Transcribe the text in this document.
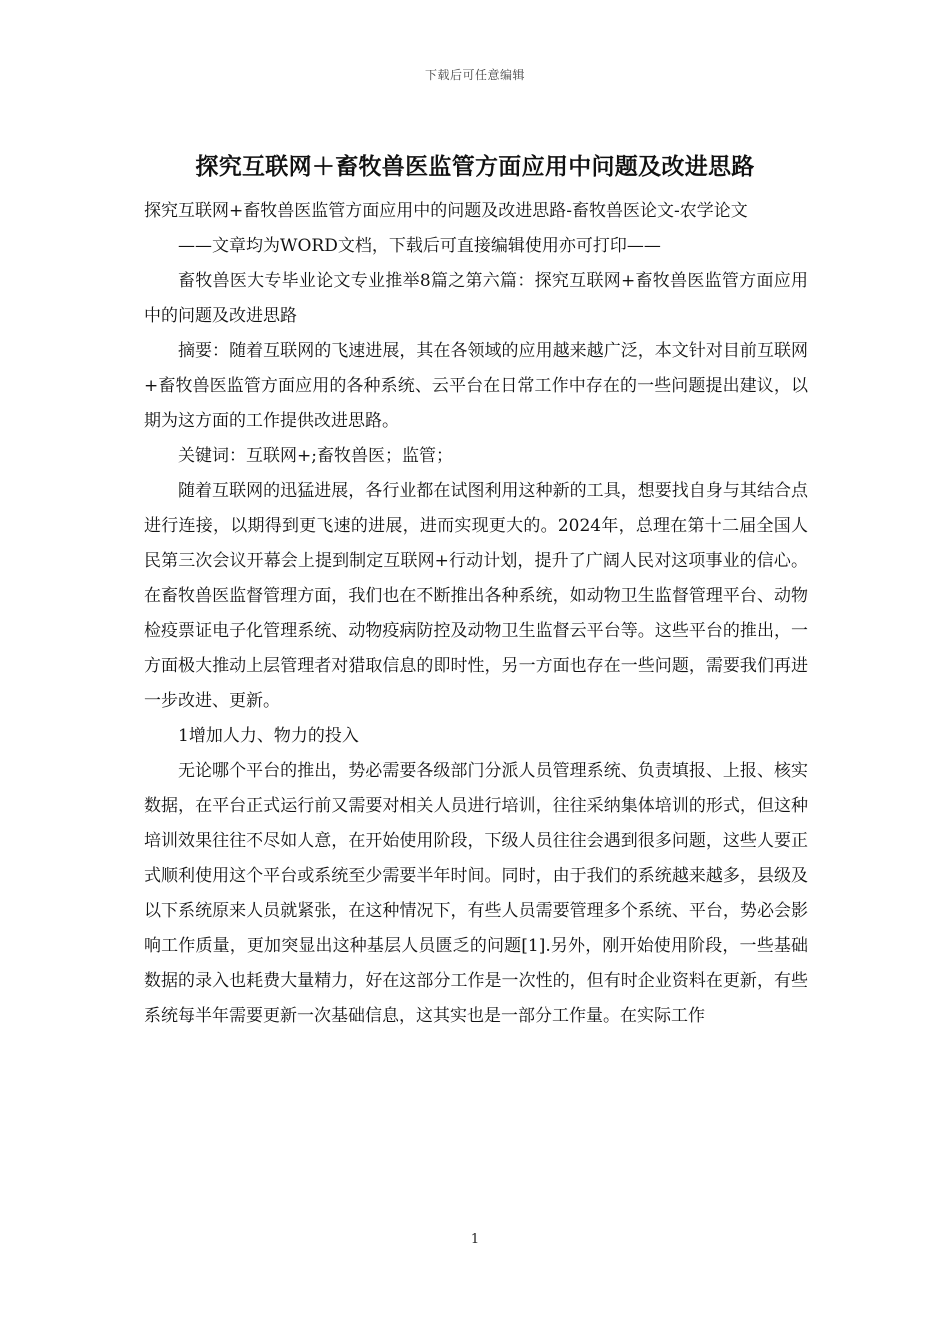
下载后可任意编辑
探究互联网＋畜牧兽医监管方面应用中问题及改进思路

探究互联网+畜牧兽医监管方面应用中的问题及改进思路-畜牧兽医论文-农学论文

——文章均为WORD文档，下载后可直接编辑使用亦可打印——

畜牧兽医大专毕业论文专业推举8篇之第六篇：探究互联网+畜牧兽医监管方面应用中的问题及改进思路

摘要：随着互联网的飞速进展，其在各领域的应用越来越广泛，本文针对目前互联网+畜牧兽医监管方面应用的各种系统、云平台在日常工作中存在的一些问题提出建议，以期为这方面的工作提供改进思路。

关键词：互联网+;畜牧兽医；监管；

随着互联网的迅猛进展，各行业都在试图利用这种新的工具，想要找自身与其结合点进行连接，以期得到更飞速的进展，进而实现更大的。2024年，总理在第十二届全国人民第三次会议开幕会上提到制定互联网+行动计划，提升了广阔人民对这项事业的信心。在畜牧兽医监督管理方面，我们也在不断推出各种系统，如动物卫生监督管理平台、动物检疫票证电子化管理系统、动物疫病防控及动物卫生监督云平台等。这些平台的推出，一方面极大推动上层管理者对猎取信息的即时性，另一方面也存在一些问题，需要我们再进一步改进、更新。

1增加人力、物力的投入

无论哪个平台的推出，势必需要各级部门分派人员管理系统、负责填报、上报、核实数据，在平台正式运行前又需要对相关人员进行培训，往往采纳集体培训的形式，但这种培训效果往往不尽如人意，在开始使用阶段，下级人员往往会遇到很多问题，这些人要正式顺利使用这个平台或系统至少需要半年时间。同时，由于我们的系统越来越多，县级及以下系统原来人员就紧张，在这种情况下，有些人员需要管理多个系统、平台，势必会影响工作质量，更加突显出这种基层人员匮乏的问题[1].另外，刚开始使用阶段，一些基础数据的录入也耗费大量精力，好在这部分工作是一次性的，但有时企业资料在更新，有些系统每半年需要更新一次基础信息，这其实也是一部分工作量。在实际工作

1
